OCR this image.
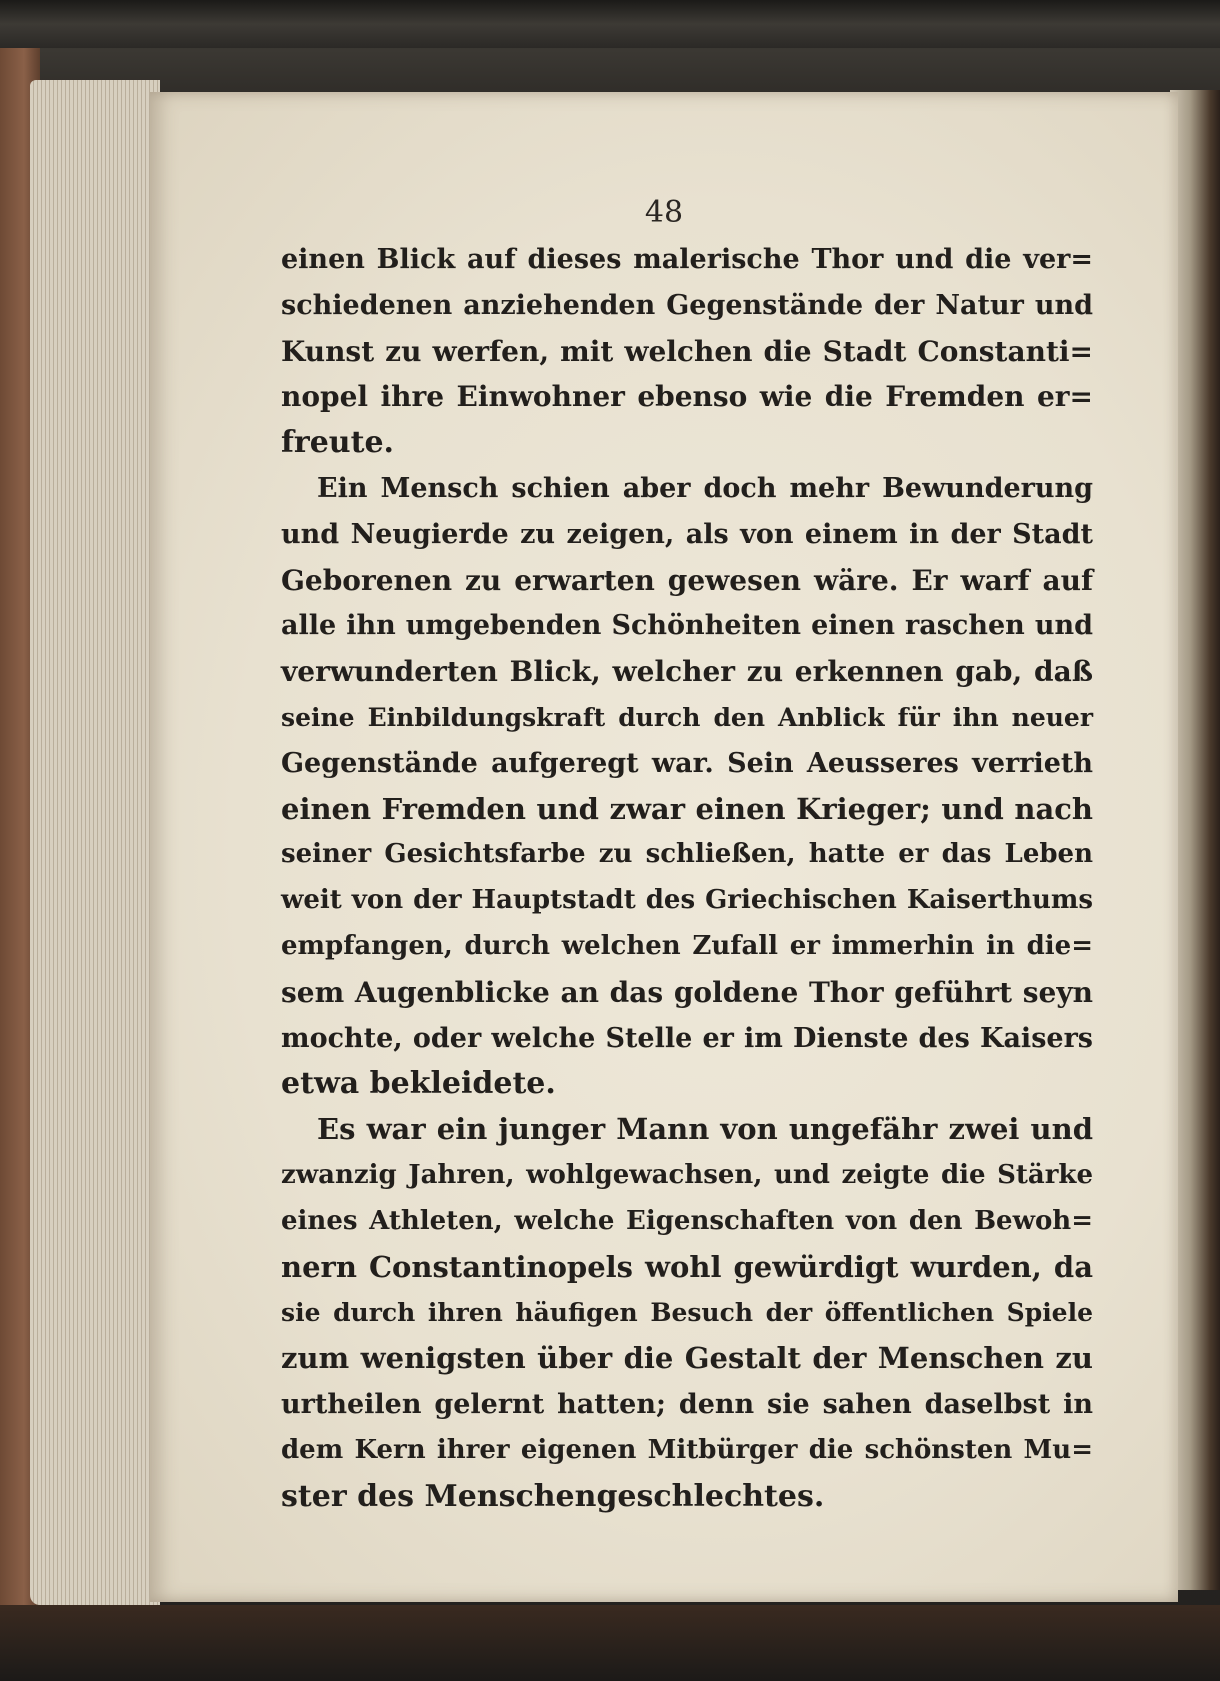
48
einen Blick auf dieses malerische Thor und die ver=
schiedenen anziehenden Gegenstände der Natur und
Kunst zu werfen, mit welchen die Stadt Constanti=
nopel ihre Einwohner ebenso wie die Fremden er=
freute.
Ein Mensch schien aber doch mehr Bewunderung
und Neugierde zu zeigen, als von einem in der Stadt
Geborenen zu erwarten gewesen wäre. Er warf auf
alle ihn umgebenden Schönheiten einen raschen und
verwunderten Blick, welcher zu erkennen gab, daß
seine Einbildungskraft durch den Anblick für ihn neuer
Gegenstände aufgeregt war. Sein Aeusseres verrieth
einen Fremden und zwar einen Krieger; und nach
seiner Gesichtsfarbe zu schließen, hatte er das Leben
weit von der Hauptstadt des Griechischen Kaiserthums
empfangen, durch welchen Zufall er immerhin in die=
sem Augenblicke an das goldene Thor geführt seyn
mochte, oder welche Stelle er im Dienste des Kaisers
etwa bekleidete.
Es war ein junger Mann von ungefähr zwei und
zwanzig Jahren, wohlgewachsen, und zeigte die Stärke
eines Athleten, welche Eigenschaften von den Bewoh=
nern Constantinopels wohl gewürdigt wurden, da
sie durch ihren häufigen Besuch der öffentlichen Spiele
zum wenigsten über die Gestalt der Menschen zu
urtheilen gelernt hatten; denn sie sahen daselbst in
dem Kern ihrer eigenen Mitbürger die schönsten Mu=
ster des Menschengeschlechtes.
